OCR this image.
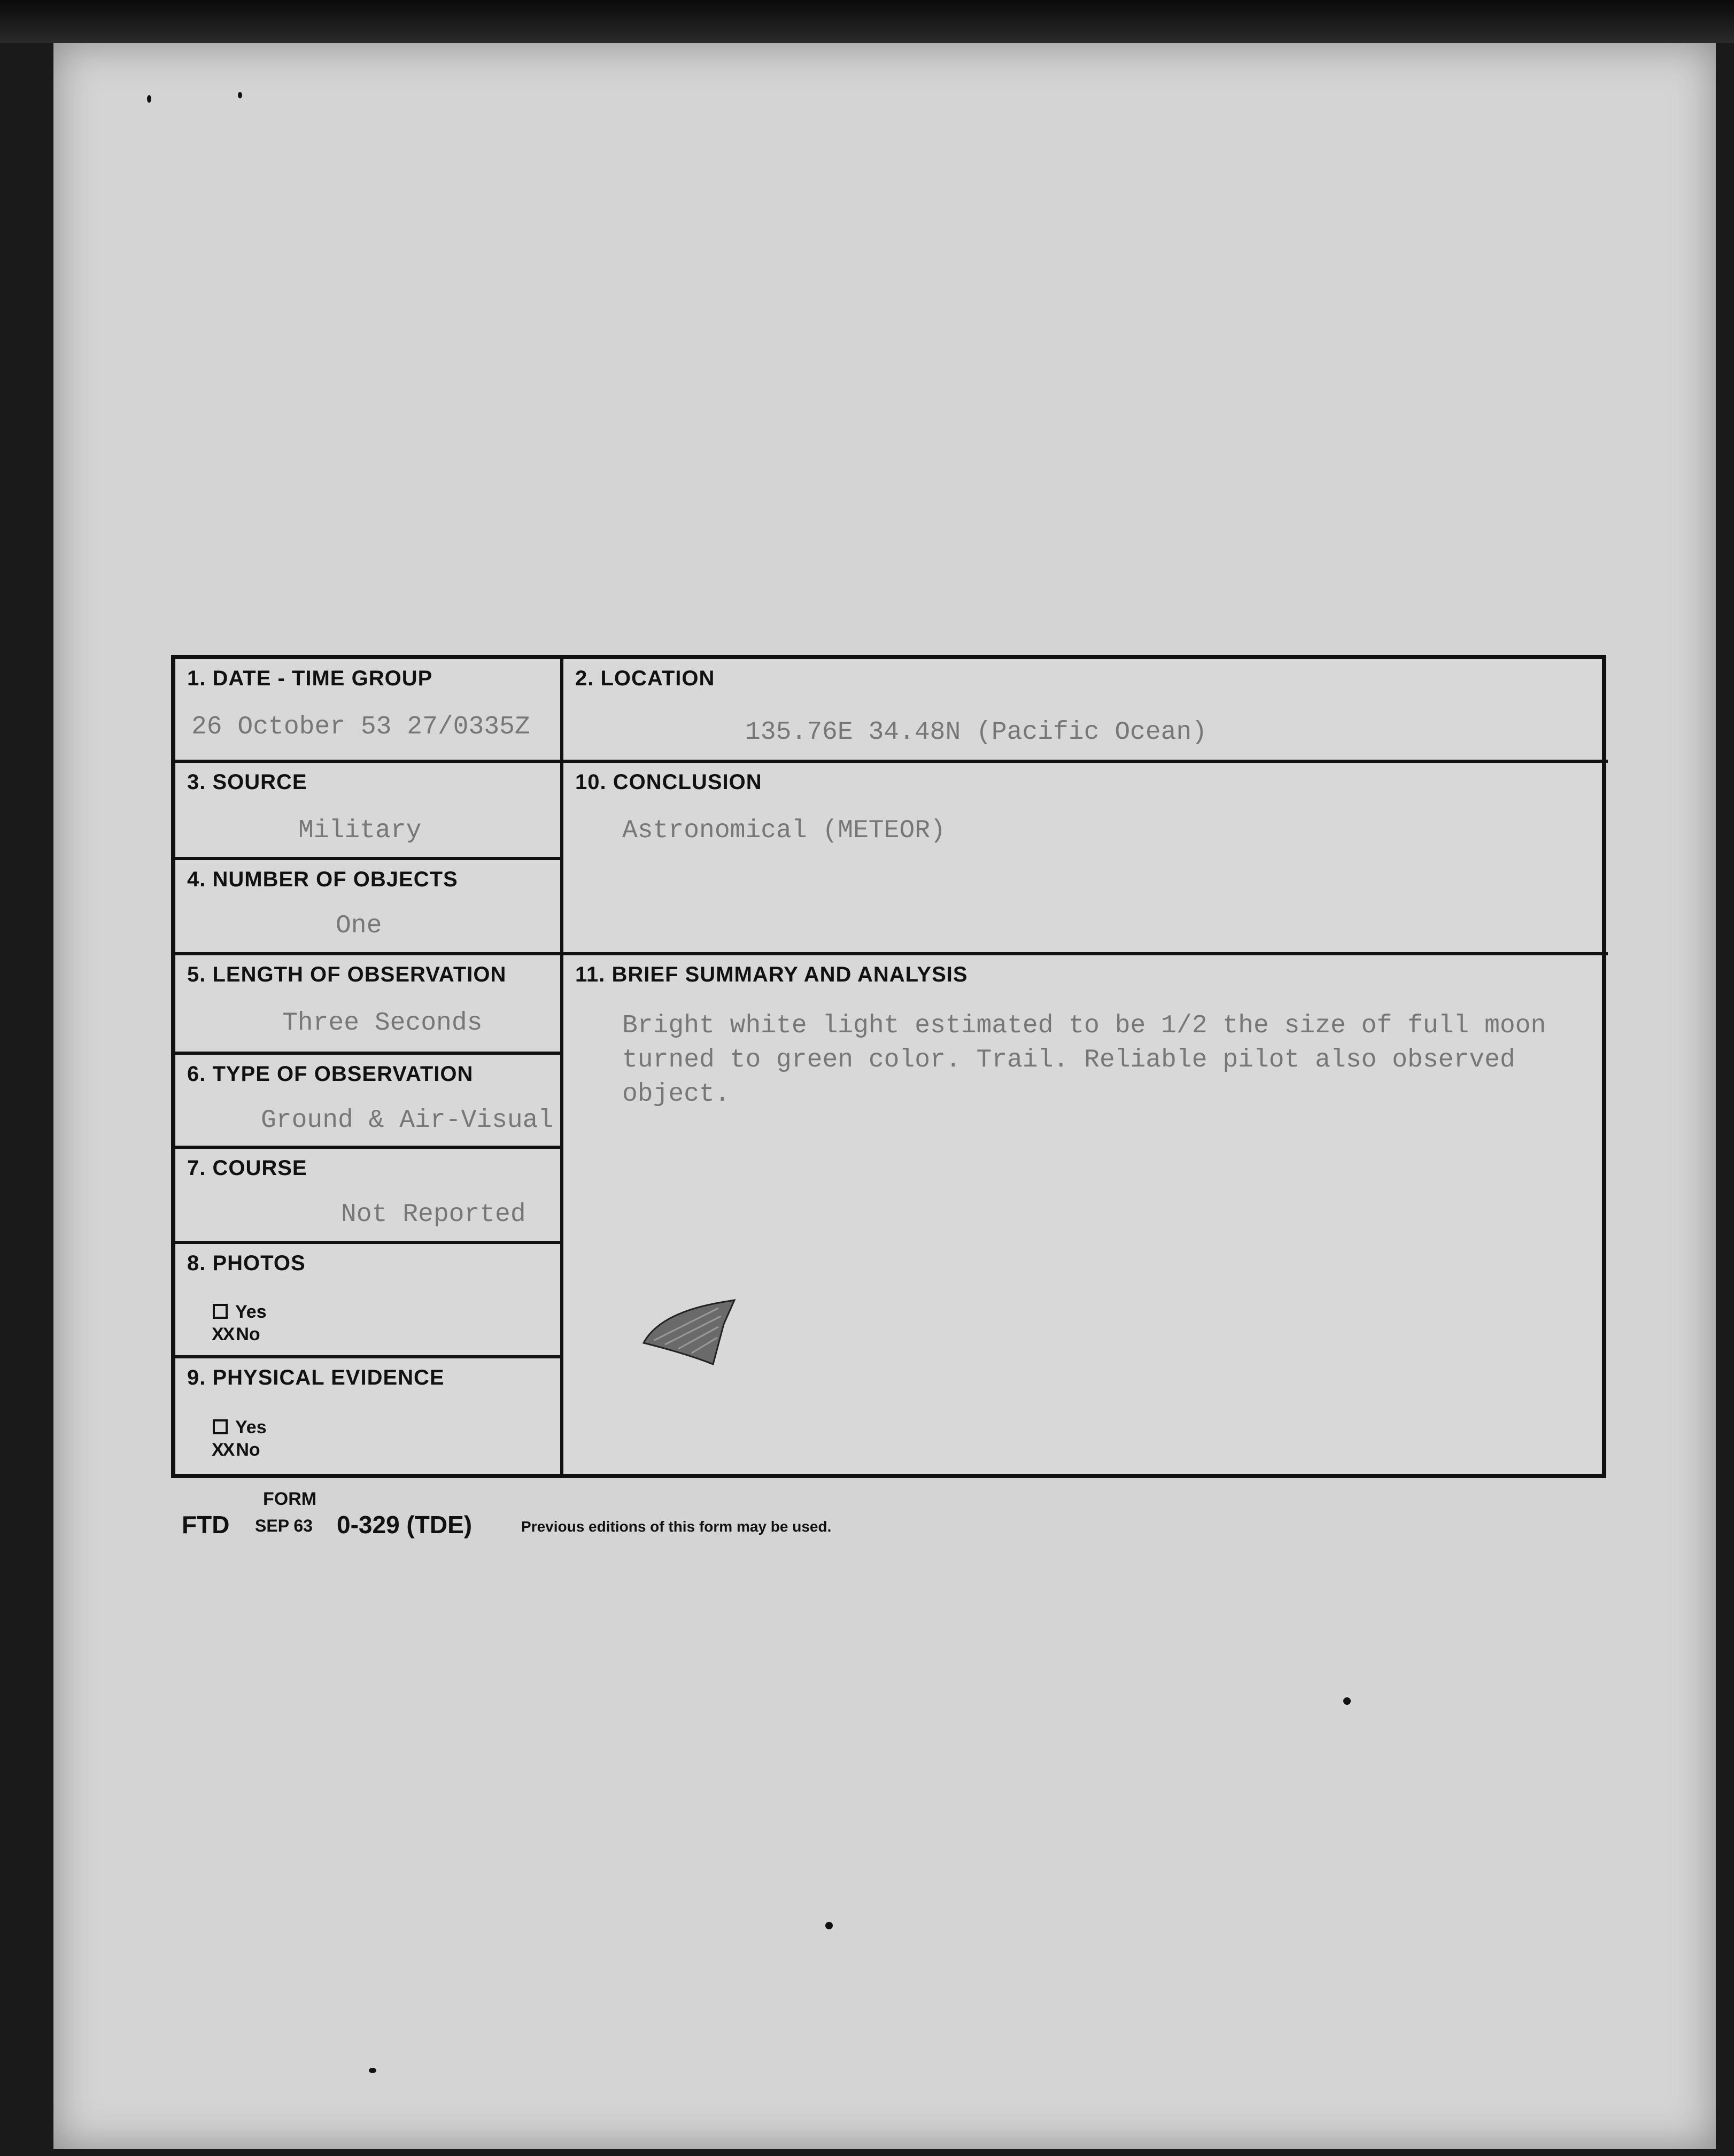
1. DATE - TIME GROUP
26 October 53 27/0335Z
2. LOCATION
135.76E 34.48N (Pacific Ocean)
3. SOURCE
Military
10. CONCLUSION
Astronomical (METEOR)
4. NUMBER OF OBJECTS
One
5. LENGTH OF OBSERVATION
Three Seconds
11. BRIEF SUMMARY AND ANALYSIS
Bright white light estimated to be 1/2 the size of full moon turned to green color. Trail. Reliable pilot also observed object.
6. TYPE OF OBSERVATION
Ground & Air-Visual
7. COURSE
Not Reported
8. PHOTOS
Yes
XX No
9. PHYSICAL EVIDENCE
Yes
XX No
FORM
FTD SEP 63 0-329 (TDE)	Previous editions of this form may be used.
